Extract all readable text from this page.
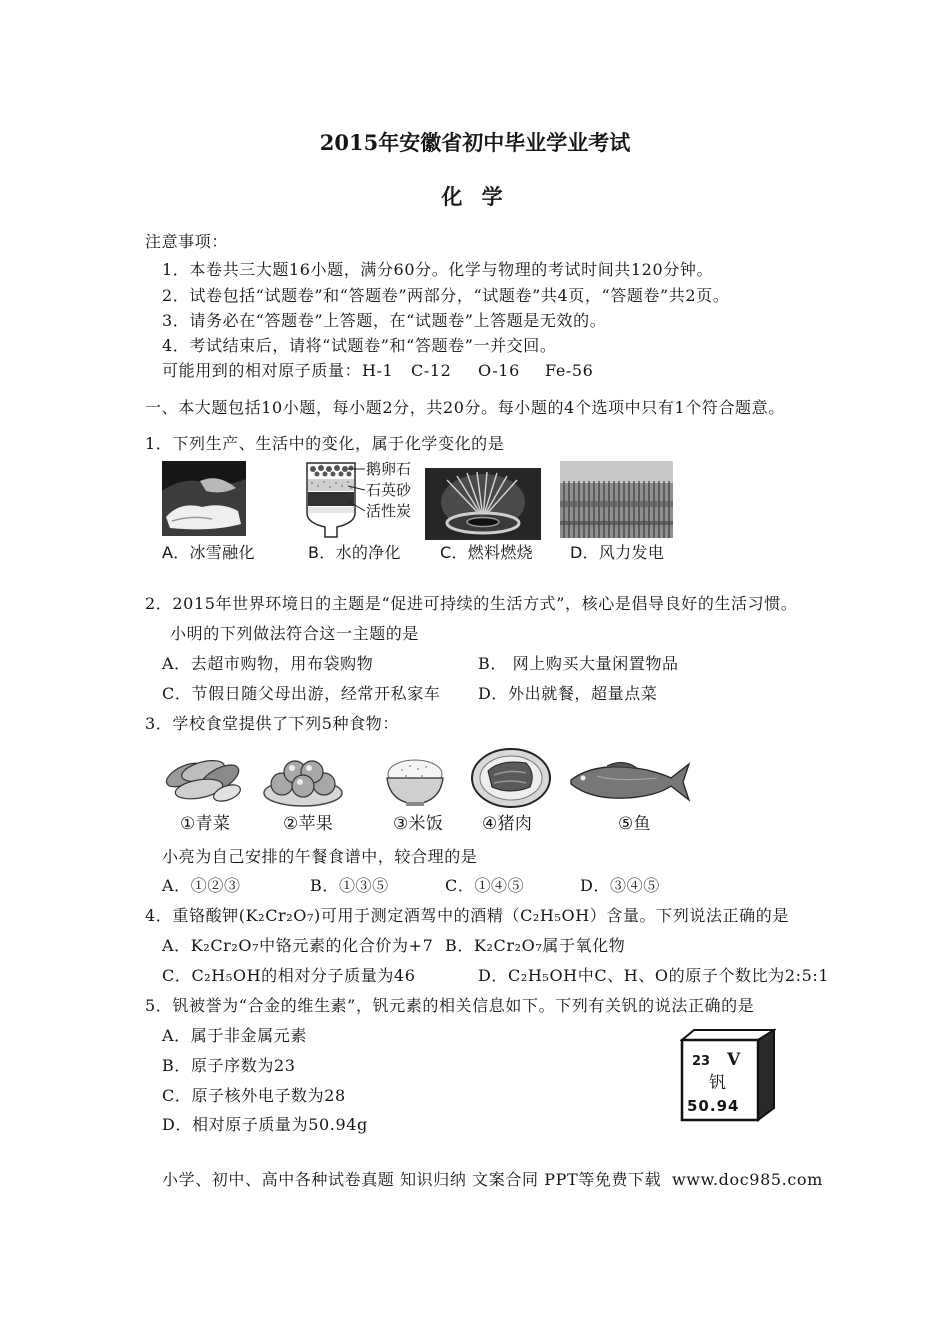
2015年安徽省初中毕业学业考试
化 学
注意事项：
1．本卷共三大题16小题，满分60分。化学与物理的考试时间共120分钟。
2．试卷包括“试题卷”和“答题卷”两部分，“试题卷”共4页，“答题卷”共2页。
3．请务必在“答题卷”上答题，在“试题卷”上答题是无效的。
4．考试结束后，请将“试题卷”和“答题卷”一并交回。
可能用到的相对原子质量： H-1 C-12 O-16 Fe-56
一、本大题包括10小题，每小题2分，共20分。每小题的4个选项中只有1个符合题意。
1．下列生产、生活中的变化，属于化学变化的是
鹅卵石
石英砂
活性炭
A．冰雪融化	B．水的净化 C．燃料燃烧 D．风力发电
2．2015年世界环境日的主题是“促进可持续的生活方式”，核心是倡导良好的生活习惯。
小明的下列做法符合这一主题的是
A．去超市购物，用布袋购物	B． 网上购买大量闲置物品
C．节假日随父母出游，经常开私家车 D．外出就餐，超量点菜
3．学校食堂提供了下列5种食物：
①青菜	②苹果	③米饭 ④猪肉	⑤鱼
小亮为自己安排的午餐食谱中，较合理的是
A．①②③	B．①③⑤	C．①④⑤	D．③④⑤
4．重铬酸钾(K₂Cr₂O₇)可用于测定酒驾中的酒精（C₂H₅OH）含量。下列说法正确的是
A．K₂Cr₂O₇中铬元素的化合价为+7 B．K₂Cr₂O₇属于氧化物
C．C₂H₅OH的相对分子质量为46	D．C₂H₅OH中C、H、O的原子个数比为2:5:1
5．钒被誉为“合金的维生素”，钒元素的相关信息如下。下列有关钒的说法正确的是
A．属于非金属元素
B．原子序数为23
C．原子核外电子数为28
D．相对原子质量为50.94g
23 V
钒
50.94
小学、初中、高中各种试卷真题 知识归纳 文案合同 PPT等免费下载 www.doc985.com
